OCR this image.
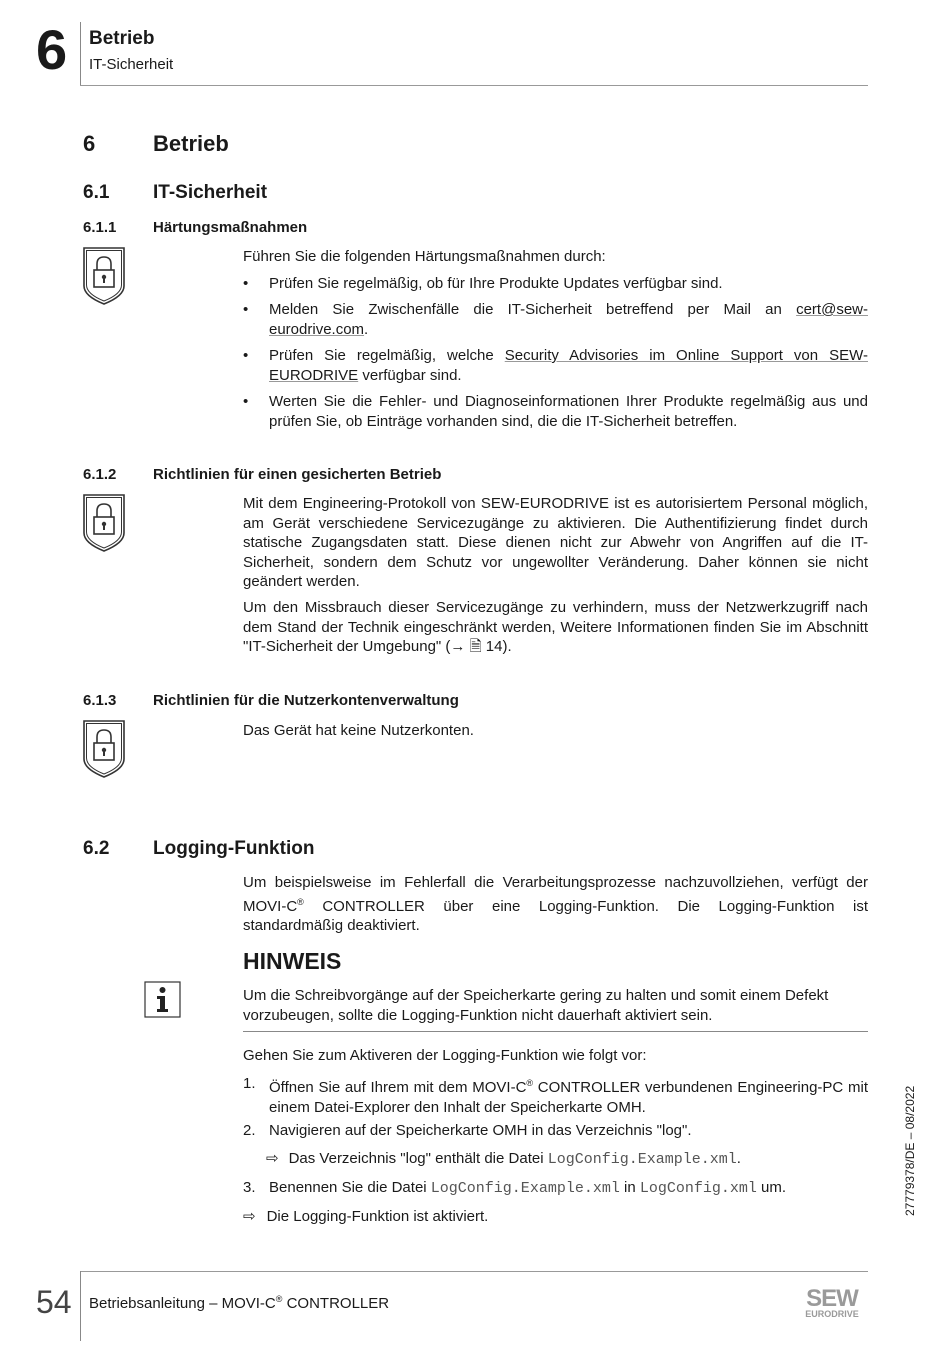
6 Betrieb
IT-Sicherheit
6	Betrieb
6.1 IT-Sicherheit
6.1.1 Härtungsmaßnahmen
Führen Sie die folgenden Härtungsmaßnahmen durch:
• Prüfen Sie regelmäßig, ob für Ihre Produkte Updates verfügbar sind.
• Melden Sie Zwischenfälle die IT-Sicherheit betreffend per Mail an cert@sew-eurodrive.com.
• Prüfen Sie regelmäßig, welche Security Advisories im Online Support von SEW-EURODRIVE verfügbar sind.
• Werten Sie die Fehler- und Diagnoseinformationen Ihrer Produkte regelmäßig aus und prüfen Sie, ob Einträge vorhanden sind, die die IT-Sicherheit betreffen.
6.1.2 Richtlinien für einen gesicherten Betrieb
Mit dem Engineering-Protokoll von SEW-EURODRIVE ist es autorisiertem Personal möglich, am Gerät verschiedene Servicezugänge zu aktivieren. Die Authentifizierung findet durch statische Zugangsdaten statt. Diese dienen nicht zur Abwehr von Angriffen auf die IT-Sicherheit, sondern dem Schutz vor ungewollter Veränderung. Daher können sie nicht geändert werden.
Um den Missbrauch dieser Servicezugänge zu verhindern, muss der Netzwerkzugriff nach dem Stand der Technik eingeschränkt werden, Weitere Informationen finden Sie im Abschnitt "IT-Sicherheit der Umgebung" (→ 🗎 14).
6.1.3 Richtlinien für die Nutzerkontenverwaltung
Das Gerät hat keine Nutzerkonten.
6.2 Logging-Funktion
Um beispielsweise im Fehlerfall die Verarbeitungsprozesse nachzuvollziehen, verfügt der MOVI-C® CONTROLLER über eine Logging-Funktion. Die Logging-Funktion ist standardmäßig deaktiviert.
HINWEIS
Um die Schreibvorgänge auf der Speicherkarte gering zu halten und somit einem Defekt vorzubeugen, sollte die Logging-Funktion nicht dauerhaft aktiviert sein.
Gehen Sie zum Aktiveren der Logging-Funktion wie folgt vor:
1. Öffnen Sie auf Ihrem mit dem MOVI-C® CONTROLLER verbundenen Engineering-PC mit einem Datei-Explorer den Inhalt der Speicherkarte OMH.
2. Navigieren auf der Speicherkarte OMH in das Verzeichnis "log".
⇨ Das Verzeichnis "log" enthält die Datei LogConfig.Example.xml.
3. Benennen Sie die Datei LogConfig.Example.xml in LogConfig.xml um.
⇨ Die Logging-Funktion ist aktiviert.
27779378/DE – 08/2022
54 Betriebsanleitung – MOVI-C® CONTROLLER	SEW
EURODRIVE
